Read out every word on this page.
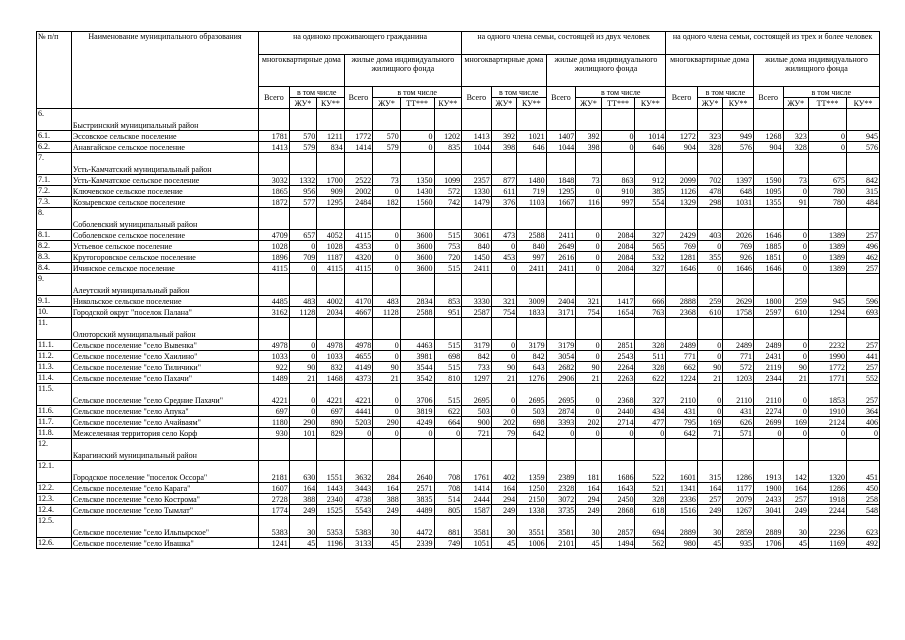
№ п/п	Наименование муниципального образования	на одиноко проживающего гражданина							на одного члена семьи, состоящей из двух человек							на одного члена семьи, состоящей из трех и более человек						
		многоквартирные дома			жилые дома индивидуального жилищного фонда				многоквартирные дома			жилые дома индивидуального жилищного фонда				многоквартирные дома			жилые дома индивидуального жилищного фонда			
		Всего	в том числе		Всего	в том числе			Всего	в том числе		Всего	в том числе			Всего	в том числе		Всего	в том числе		
			ЖУ*	КУ**		ЖУ*	ТТ***	КУ**		ЖУ*	КУ**		ЖУ*	ТТ***	КУ**		ЖУ*	КУ**		ЖУ*	ТТ***	КУ**
6.	Быстринский муниципальный район																					
6.1.	Эссовское сельское поселение	1781	570	1211	1772	570	0	1202	1413	392	1021	1407	392	0	1014	1272	323	949	1268	323	0	945
6.2.	Анавгайское сельское поселение	1413	579	834	1414	579	0	835	1044	398	646	1044	398	0	646	904	328	576	904	328	0	576
7.	Усть-Камчатский муниципальный район																					
7.1.	Усть-Камчатское сельское поселение	3032	1332	1700	2522	73	1350	1099	2357	877	1480	1848	73	863	912	2099	702	1397	1590	73	675	842
7.2.	Ключевское сельское поселение	1865	956	909	2002	0	1430	572	1330	611	719	1295	0	910	385	1126	478	648	1095	0	780	315
7.3.	Козыревское сельское поселение	1872	577	1295	2484	182	1560	742	1479	376	1103	1667	116	997	554	1329	298	1031	1355	91	780	484
8.	Соболевский муниципальный район																					
8.1.	Соболевское сельское поселение	4709	657	4052	4115	0	3600	515	3061	473	2588	2411	0	2084	327	2429	403	2026	1646	0	1389	257
8.2.	Устьевое сельское поселение	1028	0	1028	4353	0	3600	753	840	0	840	2649	0	2084	565	769	0	769	1885	0	1389	496
8.3.	Крутогоровское сельское поселение	1896	709	1187	4320	0	3600	720	1450	453	997	2616	0	2084	532	1281	355	926	1851	0	1389	462
8.4.	Ичинское сельское поселение	4115	0	4115	4115	0	3600	515	2411	0	2411	2411	0	2084	327	1646	0	1646	1646	0	1389	257
9.	Алеутский муниципальный район																					
9.1.	Никольское сельское поселение	4485	483	4002	4170	483	2834	853	3330	321	3009	2404	321	1417	666	2888	259	2629	1800	259	945	596
10.	Городской округ "поселок Палана"	3162	1128	2034	4667	1128	2588	951	2587	754	1833	3171	754	1654	763	2368	610	1758	2597	610	1294	693
11.	Олюторский муниципальный район																					
11.1.	Сельское поселение "село Вывенка"	4978	0	4978	4978	0	4463	515	3179	0	3179	3179	0	2851	328	2489	0	2489	2489	0	2232	257
11.2.	Сельское поселение "село Хаилино"	1033	0	1033	4655	0	3981	698	842	0	842	3054	0	2543	511	771	0	771	2431	0	1990	441
11.3.	Сельское поселение "село Тиличики"	922	90	832	4149	90	3544	515	733	90	643	2682	90	2264	328	662	90	572	2119	90	1772	257
11.4.	Сельское поселение "село Пахачи"	1489	21	1468	4373	21	3542	810	1297	21	1276	2906	21	2263	622	1224	21	1203	2344	21	1771	552
11.5.	Сельское поселение "село Средние Пахачи"	4221	0	4221	4221	0	3706	515	2695	0	2695	2695	0	2368	327	2110	0	2110	2110	0	1853	257
11.6.	Сельское поселение "село Апука"	697	0	697	4441	0	3819	622	503	0	503	2874	0	2440	434	431	0	431	2274	0	1910	364
11.7.	Сельское поселение "село Ачайваям"	1180	290	890	5203	290	4249	664	900	202	698	3393	202	2714	477	795	169	626	2699	169	2124	406
11.8.	Межселенная территория село Корф	930	101	829	0	0	0	0	721	79	642	0	0	0	0	642	71	571	0	0	0	0
12.	Карагинский муниципальный район																					
12.1.	Городское поселение "поселок Оссора"	2181	630	1551	3632	284	2640	708	1761	402	1359	2389	181	1686	522	1601	315	1286	1913	142	1320	451
12.2.	Сельское поселение "село Карага"	1607	164	1443	3443	164	2571	708	1414	164	1250	2328	164	1643	521	1341	164	1177	1900	164	1286	450
12.3.	Сельское поселение "село Кострома"	2728	388	2340	4738	388	3835	514	2444	294	2150	3072	294	2450	328	2336	257	2079	2433	257	1918	258
12.4.	Сельское поселение "село Тымлат"	1774	249	1525	5543	249	4489	805	1587	249	1338	3735	249	2868	618	1516	249	1267	3041	249	2244	548
12.5.	Сельское поселение "село Ильпырское"	5383	30	5353	5383	30	4472	881	3581	30	3551	3581	30	2857	694	2889	30	2859	2889	30	2236	623
12.6.	Сельское поселение "село Ивашка"	1241	45	1196	3133	45	2339	749	1051	45	1006	2101	45	1494	562	980	45	935	1706	45	1169	492
